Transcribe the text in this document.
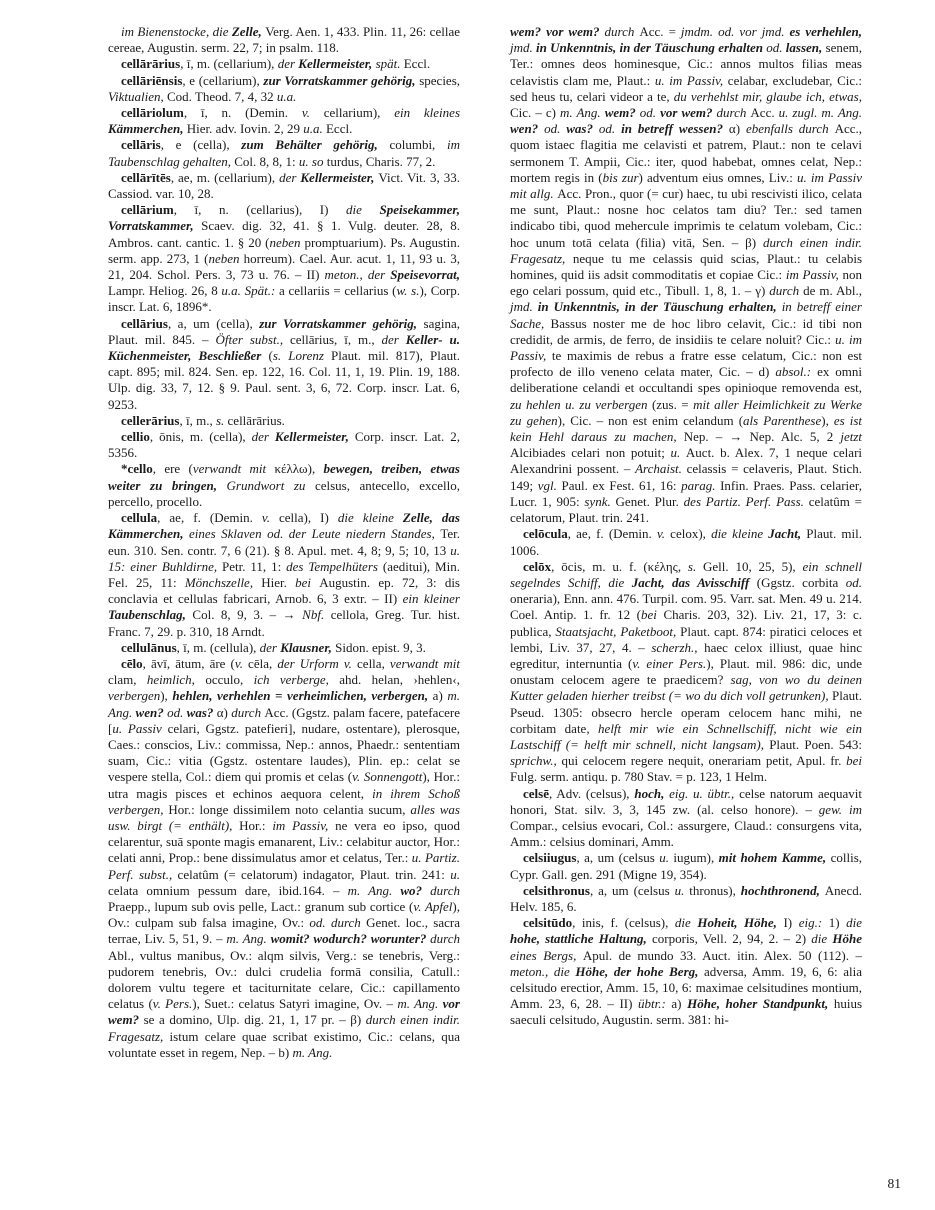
im Bienenstocke, die Zelle, Verg. Aen. 1, 433. Plin. 11, 26: cellae cereae, Augustin. serm. 22, 7; in psalm. 118.

cellārārius, ī, m. (cellarium), der Kellermeister, spät. Eccl.

cellāriēnsis, e (cellarium), zur Vorratskammer gehörig, species, Viktualien, Cod. Theod. 7, 4, 32 u.a.

cellāriolum, ī, n. (Demin. v. cellarium), ein kleines Kämmerchen, Hier. adv. Iovin. 2, 29 u.a. Eccl.

cellāris, e (cella), zum Behälter gehörig, columbi, im Taubenschlag gehalten, Col. 8, 8, 1: u. so turdus, Charis. 77, 2.

cellārītēs, ae, m. (cellarium), der Kellermeister, Vict. Vit. 3, 33. Cassiod. var. 10, 28.

cellārium, ī, n. (cellarius), I) die Speisekammer, Vorratskammer, Scaev. dig. 32, 41. § 1. Vulg. deuter. 28, 8. Ambros. cant. cantic. 1. § 20 (neben promptuarium). Ps. Augustin. serm. app. 273, 1 (neben horreum). Cael. Aur. acut. 1, 11, 93 u. 3, 21, 204. Schol. Pers. 3, 73 u. 76. – II) meton., der Speisevorrat, Lampr. Heliog. 26, 8 u.a. Spät.: a cellariis = cellarius (w. s.), Corp. inscr. Lat. 6, 1896*.

cellārius, a, um (cella), zur Vorratskammer gehörig, sagina, Plaut. mil. 845. – Öfter subst., cellārius, ī, m., der Keller- u. Küchenmeister, Beschließer (s. Lorenz Plaut. mil. 817), Plaut. capt. 895; mil. 824. Sen. ep. 122, 16. Col. 11, 1, 19. Plin. 19, 188. Ulp. dig. 33, 7, 12. § 9. Paul. sent. 3, 6, 72. Corp. inscr. Lat. 6, 9253.

cellerārius, ī, m., s. cellārārius.

cellio, ōnis, m. (cella), der Kellermeister, Corp. inscr. Lat. 2, 5356.

*cello, ere (verwandt mit κέλλω), bewegen, treiben, etwas weiter zu bringen, Grundwort zu celsus, antecello, excello, percello, procello.

cellula, ae, f. (Demin. v. cella), I) die kleine Zelle, das Kämmerchen, eines Sklaven od. der Leute niedern Standes, Ter. eun. 310. Sen. contr. 7, 6 (21). § 8. Apul. met. 4, 8; 9, 5; 10, 13 u. 15: einer Buhldirne, Petr. 11, 1: des Tempelhüters (aeditui), Min. Fel. 25, 11: Mönchszelle, Hier. bei Augustin. ep. 72, 3: dis conclavia et cellulas fabricari, Arnob. 6, 3 extr. – II) ein kleiner Taubenschlag, Col. 8, 9, 3. – → Nbf. cellola, Greg. Tur. hist. Franc. 7, 29. p. 310, 18 Arndt.

cellulānus, ī, m. (cellula), der Klausner, Sidon. epist. 9, 3.

cēlo, āvī, ātum, āre (v. cēla, der Urform v. cella, verwandt mit clam, heimlich, occulo, ich verberge, ahd. helan, ›hehlen‹, verbergen), hehlen, verhehlen = verheimlichen, verbergen, a) m. Ang. wen? od. was? α) durch Acc. (Ggstz. palam facere, patefacere [u. Passiv celari, Ggstz. patefieri], nudare, ostentare), plerosque, Caes.: conscios, Liv.: commissa, Nep.: annos, Phaedr.: sententiam suam, Cic.: vitia (Ggstz. ostentare laudes), Plin. ep.: celat se vespere stella, Col.: diem qui promis et celas (v. Sonnengott), Hor.: utra magis pisces et echinos aequora celent, in ihrem Schoß verbergen, Hor.: longe dissimilem noto celantia sucum, alles was usw. birgt (= enthält), Hor.: im Passiv, ne vera eo ipso, quod celarentur, suā sponte magis emanarent, Liv.: celabitur auctor, Hor.: celati anni, Prop.: bene dissimulatus amor et celatus, Ter.: u. Partiz. Perf. subst., celatûm (= celatorum) indagator, Plaut. trin. 241: u. celata omnium pessum dare, ibid.164. – m. Ang. wo? durch Praepp., lupum sub ovis pelle, Lact.: granum sub cortice (v. Apfel), Ov.: culpam sub falsa imagine, Ov.: od. durch Genet. loc., sacra terrae, Liv. 5, 51, 9. – m. Ang. womit? wodurch? worunter? durch Abl., vultus manibus, Ov.: alqm silvis, Verg.: se tenebris, Verg.: pudorem tenebris, Ov.: dulci crudelia formā consilia, Catull.: dolorem vultu tegere et taciturnitate celare, Cic.: capillamento celatus (v. Pers.), Suet.: celatus Satyri imagine, Ov. – m. Ang. vor wem? se a domino, Ulp. dig. 21, 1, 17 pr. – β) durch einen indir. Fragesatz, istum celare quae scribat existimo, Cic.: celans, qua voluntate esset in regem, Nep. – b) m. Ang.

wem? vor wem? durch Acc. = jmdm. od. vor jmd. es verhehlen, jmd. in Unkenntnis, in der Täuschung erhalten od. lassen, senem, Ter.: omnes deos hominesque, Cic.: annos multos filias meas celavistis clam me, Plaut.: u. im Passiv, celabar, excludebar, Cic.: sed heus tu, celari videor a te, du verhehlst mir, glaube ich, etwas, Cic. – c) m. Ang. wem? od. vor wem? durch Acc. u. zugl. m. Ang. wen? od. was? od. in betreff wessen? α) ebenfalls durch Acc., quom istaec flagitia me celavisti et patrem, Plaut.: non te celavi sermonem T. Ampii, Cic.: iter, quod habebat, omnes celat, Nep.: mortem regis in (bis zur) adventum eius omnes, Liv.: u. im Passiv mit allg. Acc. Pron., quor (= cur) haec, tu ubi rescivisti ilico, celata me sunt, Plaut.: nosne hoc celatos tam diu? Ter.: sed tamen indicabo tibi, quod mehercule imprimis te celatum volebam, Cic.: hoc unum totā celata (filia) vitā, Sen. – β) durch einen indir. Fragesatz, neque tu me celassis quid scias, Plaut.: tu celabis homines, quid iis adsit commoditatis et copiae Cic.: im Passiv, non ego celari possum, quid etc., Tibull. 1, 8, 1. – γ) durch de m. Abl., jmd. in Unkenntnis, in der Täuschung erhalten, in betreff einer Sache, Bassus noster me de hoc libro celavit, Cic.: id tibi non credidit, de armis, de ferro, de insidiis te celare noluit? Cic.: u. im Passiv, te maximis de rebus a fratre esse celatum, Cic.: non est profecto de illo veneno celata mater, Cic. – d) absol.: ex omni deliberatione celandi et occultandi spes opinioque removenda est, zu hehlen u. zu verbergen (zus. = mit aller Heimlichkeit zu Werke zu gehen), Cic. – non est enim celandum (als Parenthese), es ist kein Hehl daraus zu machen, Nep. – → Nep. Alc. 5, 2 jetzt Alcibiades celari non potuit; u. Auct. b. Alex. 7, 1 neque celari Alexandrini possent. – Archaist. celassis = celaveris, Plaut. Stich. 149; vgl. Paul. ex Fest. 61, 16: parag. Infin. Praes. Pass. celarier, Lucr. 1, 905: synk. Genet. Plur. des Partiz. Perf. Pass. celatûm = celatorum, Plaut. trin. 241.

celōcula, ae, f. (Demin. v. celox), die kleine Jacht, Plaut. mil. 1006.

celōx, ōcis, m. u. f. (κέλης, s. Gell. 10, 25, 5), ein schnell segelndes Schiff, die Jacht, das Avisschiff (Ggstz. corbita od. oneraria), Enn. ann. 476. Turpil. com. 95. Varr. sat. Men. 49 u. 214. Coel. Antip. 1. fr. 12 (bei Charis. 203, 32). Liv. 21, 17, 3: c. publica, Staatsjacht, Paketboot, Plaut. capt. 874: piratici celoces et lembi, Liv. 37, 27, 4. – scherzh., haec celox illiust, quae hinc egreditur, internuntia (v. einer Pers.), Plaut. mil. 986: dic, unde onustam celocem agere te praedicem? sag, von wo du deinen Kutter geladen hierher treibst (= wo du dich voll getrunken), Plaut. Pseud. 1305: obsecro hercle operam celocem hanc mihi, ne corbitam date, helft mir wie ein Schnellschiff, nicht wie ein Lastschiff (= helft mir schnell, nicht langsam), Plaut. Poen. 543: sprichw., qui celocem regere nequit, onerariam petit, Apul. fr. bei Fulg. serm. antiqu. p. 780 Stav. = p. 123, 1 Helm.

celsē, Adv. (celsus), hoch, eig. u. übtr., celse natorum aequavit honori, Stat. silv. 3, 3, 145 zw. (al. celso honore). – gew. im Compar., celsius evocari, Col.: assurgere, Claud.: consurgens vita, Amm.: celsius dominari, Amm.

celsiiugus, a, um (celsus u. iugum), mit hohem Kamme, collis, Cypr. Gall. gen. 291 (Migne 19, 354).

celsithronus, a, um (celsus u. thronus), hochthronend, Anecd. Helv. 185, 6.

celsitūdo, inis, f. (celsus), die Hoheit, Höhe, I) eig.: 1) die hohe, stattliche Haltung, corporis, Vell. 2, 94, 2. – 2) die Höhe eines Bergs, Apul. de mundo 33. Auct. itin. Alex. 50 (112). – meton., die Höhe, der hohe Berg, adversa, Amm. 19, 6, 6: alia celsitudo erectior, Amm. 15, 10, 6: maximae celsitudines montium, Amm. 23, 6, 28. – II) übtr.: a) Höhe, hoher Standpunkt, huius saeculi celsitudo, Augustin. serm. 381: hi-

81
